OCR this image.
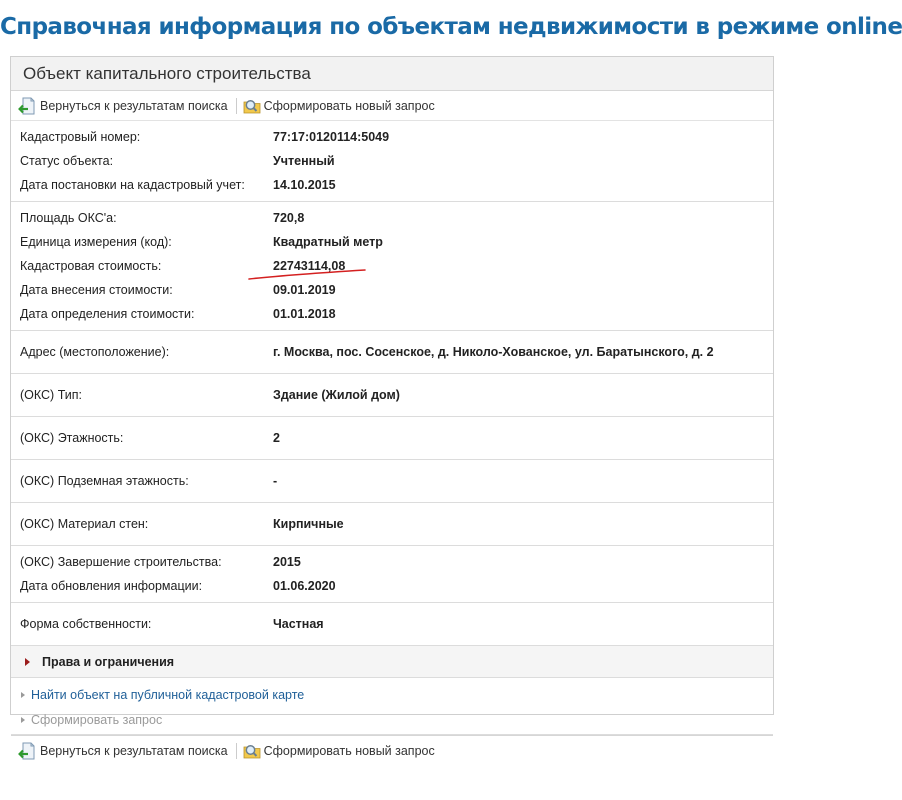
Справочная информация по объектам недвижимости в режиме online
Объект капитального строительства
Вернуться к результатам поиска	Сформировать новый запрос
Кадастровый номер:	77:17:0120114:5049
Статус объекта:	Учтенный
Дата постановки на кадастровый учет:	14.10.2015
Площадь ОКС'а:	720,8
Единица измерения (код):	Квадратный метр
Кадастровая стоимость:	22743114,08
Дата внесения стоимости:	09.01.2019
Дата определения стоимости:	01.01.2018
Адрес (местоположение):	г. Москва, пос. Сосенское, д. Николо-Хованское, ул. Баратынского, д. 2
(ОКС) Тип:	Здание (Жилой дом)
(ОКС) Этажность:	2
(ОКС) Подземная этажность:	-
(ОКС) Материал стен:	Кирпичные
(ОКС) Завершение строительства:	2015
Дата обновления информации:	01.06.2020
Форма собственности:	Частная
Права и ограничения
Найти объект на публичной кадастровой карте
Сформировать запрос
Вернуться к результатам поиска	Сформировать новый запрос
